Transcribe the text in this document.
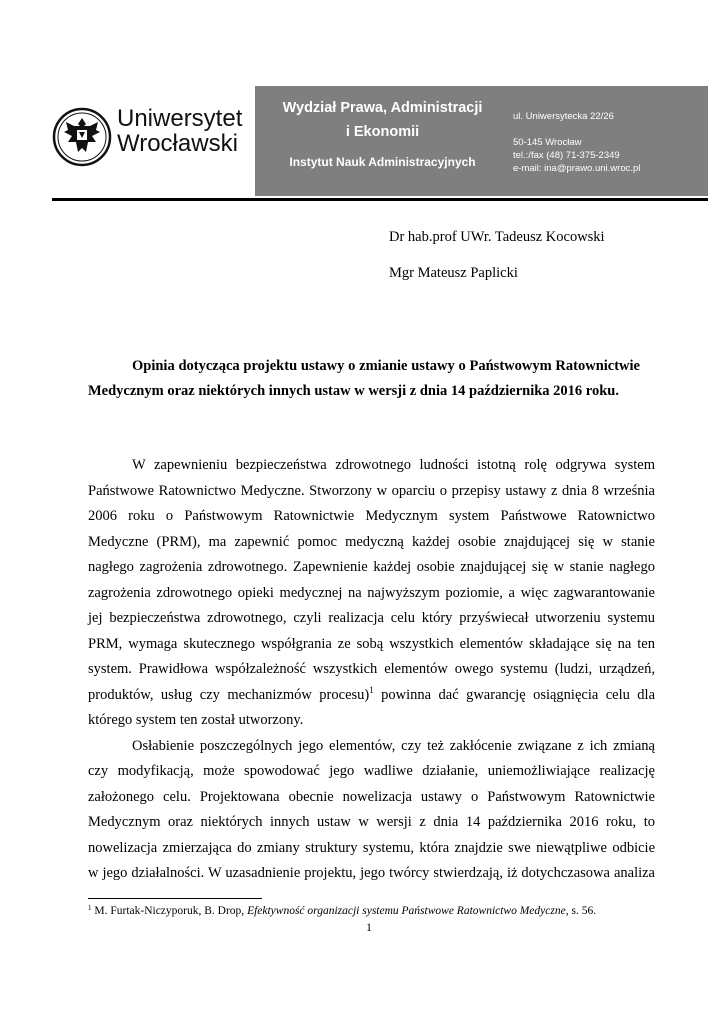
Uniwersytet
Wrocławski
Wydział Prawa, Administracji
i Ekonomii
Instytut Nauk Administracyjnych
ul. Uniwersytecka 22/26
50-145 Wrocław
tel.:/fax (48) 71-375-2349
e-mail: ina@prawo.uni.wroc.pl
Dr hab.prof UWr. Tadeusz Kocowski
Mgr Mateusz Paplicki
Opinia dotycząca projektu ustawy o zmianie ustawy o Państwowym Ratownictwie
Medycznym oraz niektórych innych ustaw w wersji z dnia 14 października 2016 roku.
W zapewnieniu bezpieczeństwa zdrowotnego ludności istotną rolę odgrywa system
Państwowe Ratownictwo Medyczne. Stworzony w oparciu o przepisy ustawy z dnia 8 września
2006 roku o Państwowym Ratownictwie Medycznym system Państwowe Ratownictwo
Medyczne (PRM), ma zapewnić pomoc medyczną każdej osobie znajdującej się w stanie
nagłego zagrożenia zdrowotnego. Zapewnienie każdej osobie znajdującej się w stanie nagłego
zagrożenia zdrowotnego opieki medycznej na najwyższym poziomie, a więc zagwarantowanie
jej bezpieczeństwa zdrowotnego, czyli realizacja celu który przyświecał utworzeniu systemu
PRM, wymaga skutecznego współgrania ze sobą wszystkich elementów składające się na ten
system. Prawidłowa współzależność wszystkich elementów owego systemu (ludzi, urządzeń,
produktów, usług czy mechanizmów procesu)$^1$ powinna dać gwarancję osiągnięcia celu dla
którego system ten został utworzony.
Osłabienie poszczególnych jego elementów, czy też zakłócenie związane z ich zmianą
czy modyfikacją, może spowodować jego wadliwe działanie, uniemożliwiające realizację
założonego celu. Projektowana obecnie nowelizacja ustawy o Państwowym Ratownictwie
Medycznym oraz niektórych innych ustaw w wersji z dnia 14 października 2016 roku, to
nowelizacja zmierzająca do zmiany struktury systemu, która znajdzie swe niewątpliwe odbicie
w jego działalności. W uzasadnienie projektu, jego twórcy stwierdzają, iż dotychczasowa analiza
$^1$ M. Furtak-Niczyporuk, B. Drop, Efektywność organizacji systemu Państwowe Ratownictwo Medyczne, s. 56.
1
